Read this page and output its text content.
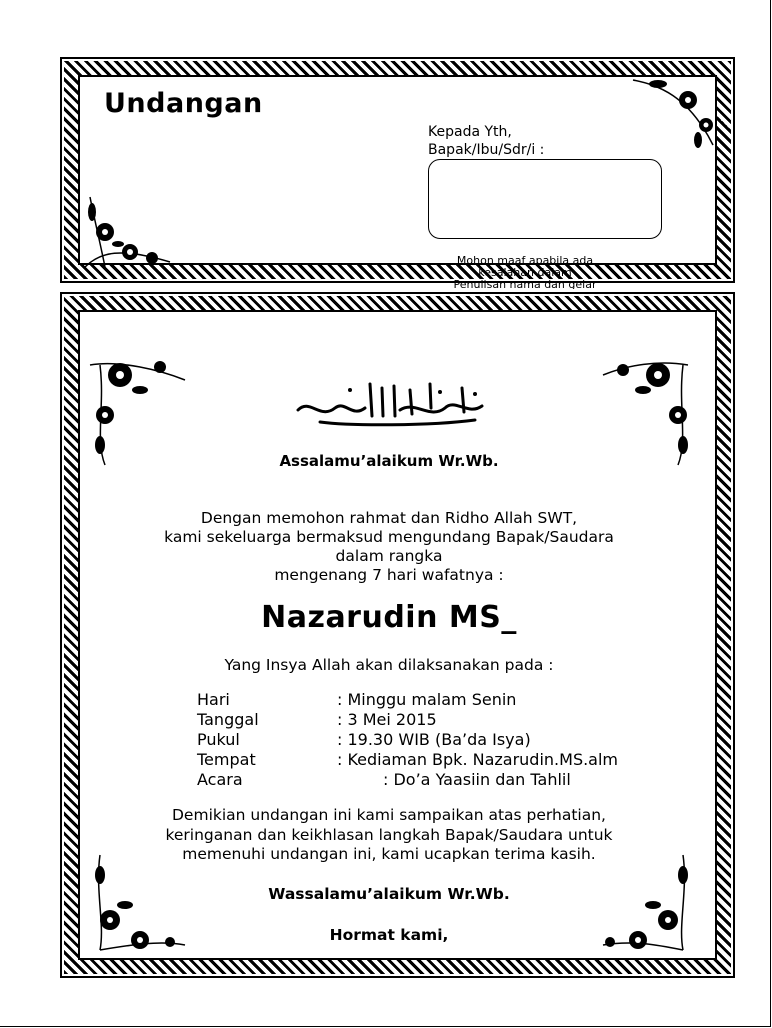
Undangan
Kepada Yth,
Bapak/Ibu/Sdr/i :
Mohon maaf apabila ada
kesalahan dalam
Penulisan nama dan gelar
Assalamu’alaikum Wr.Wb.
Dengan memohon rahmat dan Ridho Allah SWT,
kami sekeluarga bermaksud mengundang Bapak/Saudara
dalam rangka
mengenang 7 hari wafatnya :
Nazarudin MS_
Yang Insya Allah akan dilaksanakan pada :
Hari	: Minggu malam Senin
Tanggal	: 3 Mei 2015
Pukul	: 19.30 WIB (Ba’da Isya)
Tempat	: Kediaman Bpk. Nazarudin.MS.alm
Acara	: Do’a Yaasiin dan Tahlil
Demikian undangan ini kami sampaikan atas perhatian,
keringanan dan keikhlasan langkah Bapak/Saudara untuk
memenuhi undangan ini, kami ucapkan terima kasih.
Wassalamu’alaikum Wr.Wb.
Hormat kami,
